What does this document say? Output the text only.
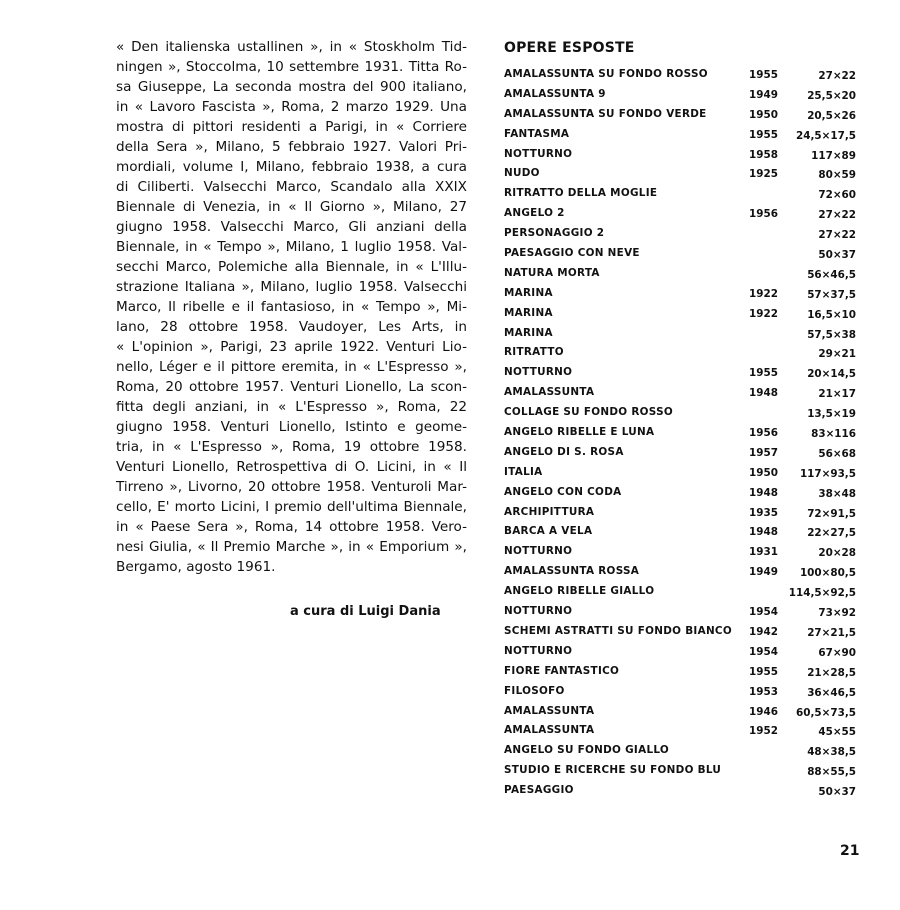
« Den italienska ustallinen », in « Stoskholm Tid-
ningen », Stoccolma, 10 settembre 1931. Titta Ro-
sa Giuseppe, La seconda mostra del 900 italiano,
in « Lavoro Fascista », Roma, 2 marzo 1929. Una
mostra di pittori residenti a Parigi, in « Corriere
della Sera », Milano, 5 febbraio 1927. Valori Pri-
mordiali, volume I, Milano, febbraio 1938, a cura
di Ciliberti. Valsecchi Marco, Scandalo alla XXIX
Biennale di Venezia, in « Il Giorno », Milano, 27
giugno 1958. Valsecchi Marco, Gli anziani della
Biennale, in « Tempo », Milano, 1 luglio 1958. Val-
secchi Marco, Polemiche alla Biennale, in « L'Illu-
strazione Italiana », Milano, luglio 1958. Valsecchi
Marco, Il ribelle e il fantasioso, in « Tempo », Mi-
lano, 28 ottobre 1958. Vaudoyer, Les Arts, in
« L'opinion », Parigi, 23 aprile 1922. Venturi Lio-
nello, Léger e il pittore eremita, in « L'Espresso »,
Roma, 20 ottobre 1957. Venturi Lionello, La scon-
fitta degli anziani, in « L'Espresso », Roma, 22
giugno 1958. Venturi Lionello, Istinto e geome-
tria, in « L'Espresso », Roma, 19 ottobre 1958.
Venturi Lionello, Retrospettiva di O. Licini, in « Il
Tirreno », Livorno, 20 ottobre 1958. Venturoli Mar-
cello, E' morto Licini, I premio dell'ultima Biennale,
in « Paese Sera », Roma, 14 ottobre 1958. Vero-
nesi Giulia, « Il Premio Marche », in « Emporium »,
Bergamo, agosto 1961.
a cura di Luigi Dania
OPERE ESPOSTE
AMALASSUNTA SU FONDO ROSSO	1955	27×22
AMALASSUNTA 9	1949	25,5×20
AMALASSUNTA SU FONDO VERDE	1950	20,5×26
FANTASMA	1955 24,5×17,5
NOTTURNO	1958	117×89
NUDO	1925	80×59
RITRATTO DELLA MOGLIE	72×60
ANGELO 2	1956	27×22
PERSONAGGIO 2	27×22
PAESAGGIO CON NEVE	50×37
NATURA MORTA	56×46,5
MARINA	1922	57×37,5
MARINA	1922	16,5×10
MARINA	57,5×38
RITRATTO	29×21
NOTTURNO	1955	20×14,5
AMALASSUNTA	1948	21×17
COLLAGE SU FONDO ROSSO	13,5×19
ANGELO RIBELLE E LUNA	1956	83×116
ANGELO DI S. ROSA	1957	56×68
ITALIA	1950 117×93,5
ANGELO CON CODA	1948	38×48
ARCHIPITTURA	1935	72×91,5
BARCA A VELA	1948	22×27,5
NOTTURNO	1931	20×28
AMALASSUNTA ROSSA	1949 100×80,5
ANGELO RIBELLE GIALLO	114,5×92,5
NOTTURNO	1954	73×92
SCHEMI ASTRATTI SU FONDO BIANCO 1942	27×21,5
NOTTURNO	1954	67×90
FIORE FANTASTICO	1955	21×28,5
FILOSOFO	1953	36×46,5
AMALASSUNTA	1946 60,5×73,5
AMALASSUNTA	1952	45×55
ANGELO SU FONDO GIALLO	48×38,5
STUDIO E RICERCHE SU FONDO BLU	88×55,5
PAESAGGIO	50×37
21
